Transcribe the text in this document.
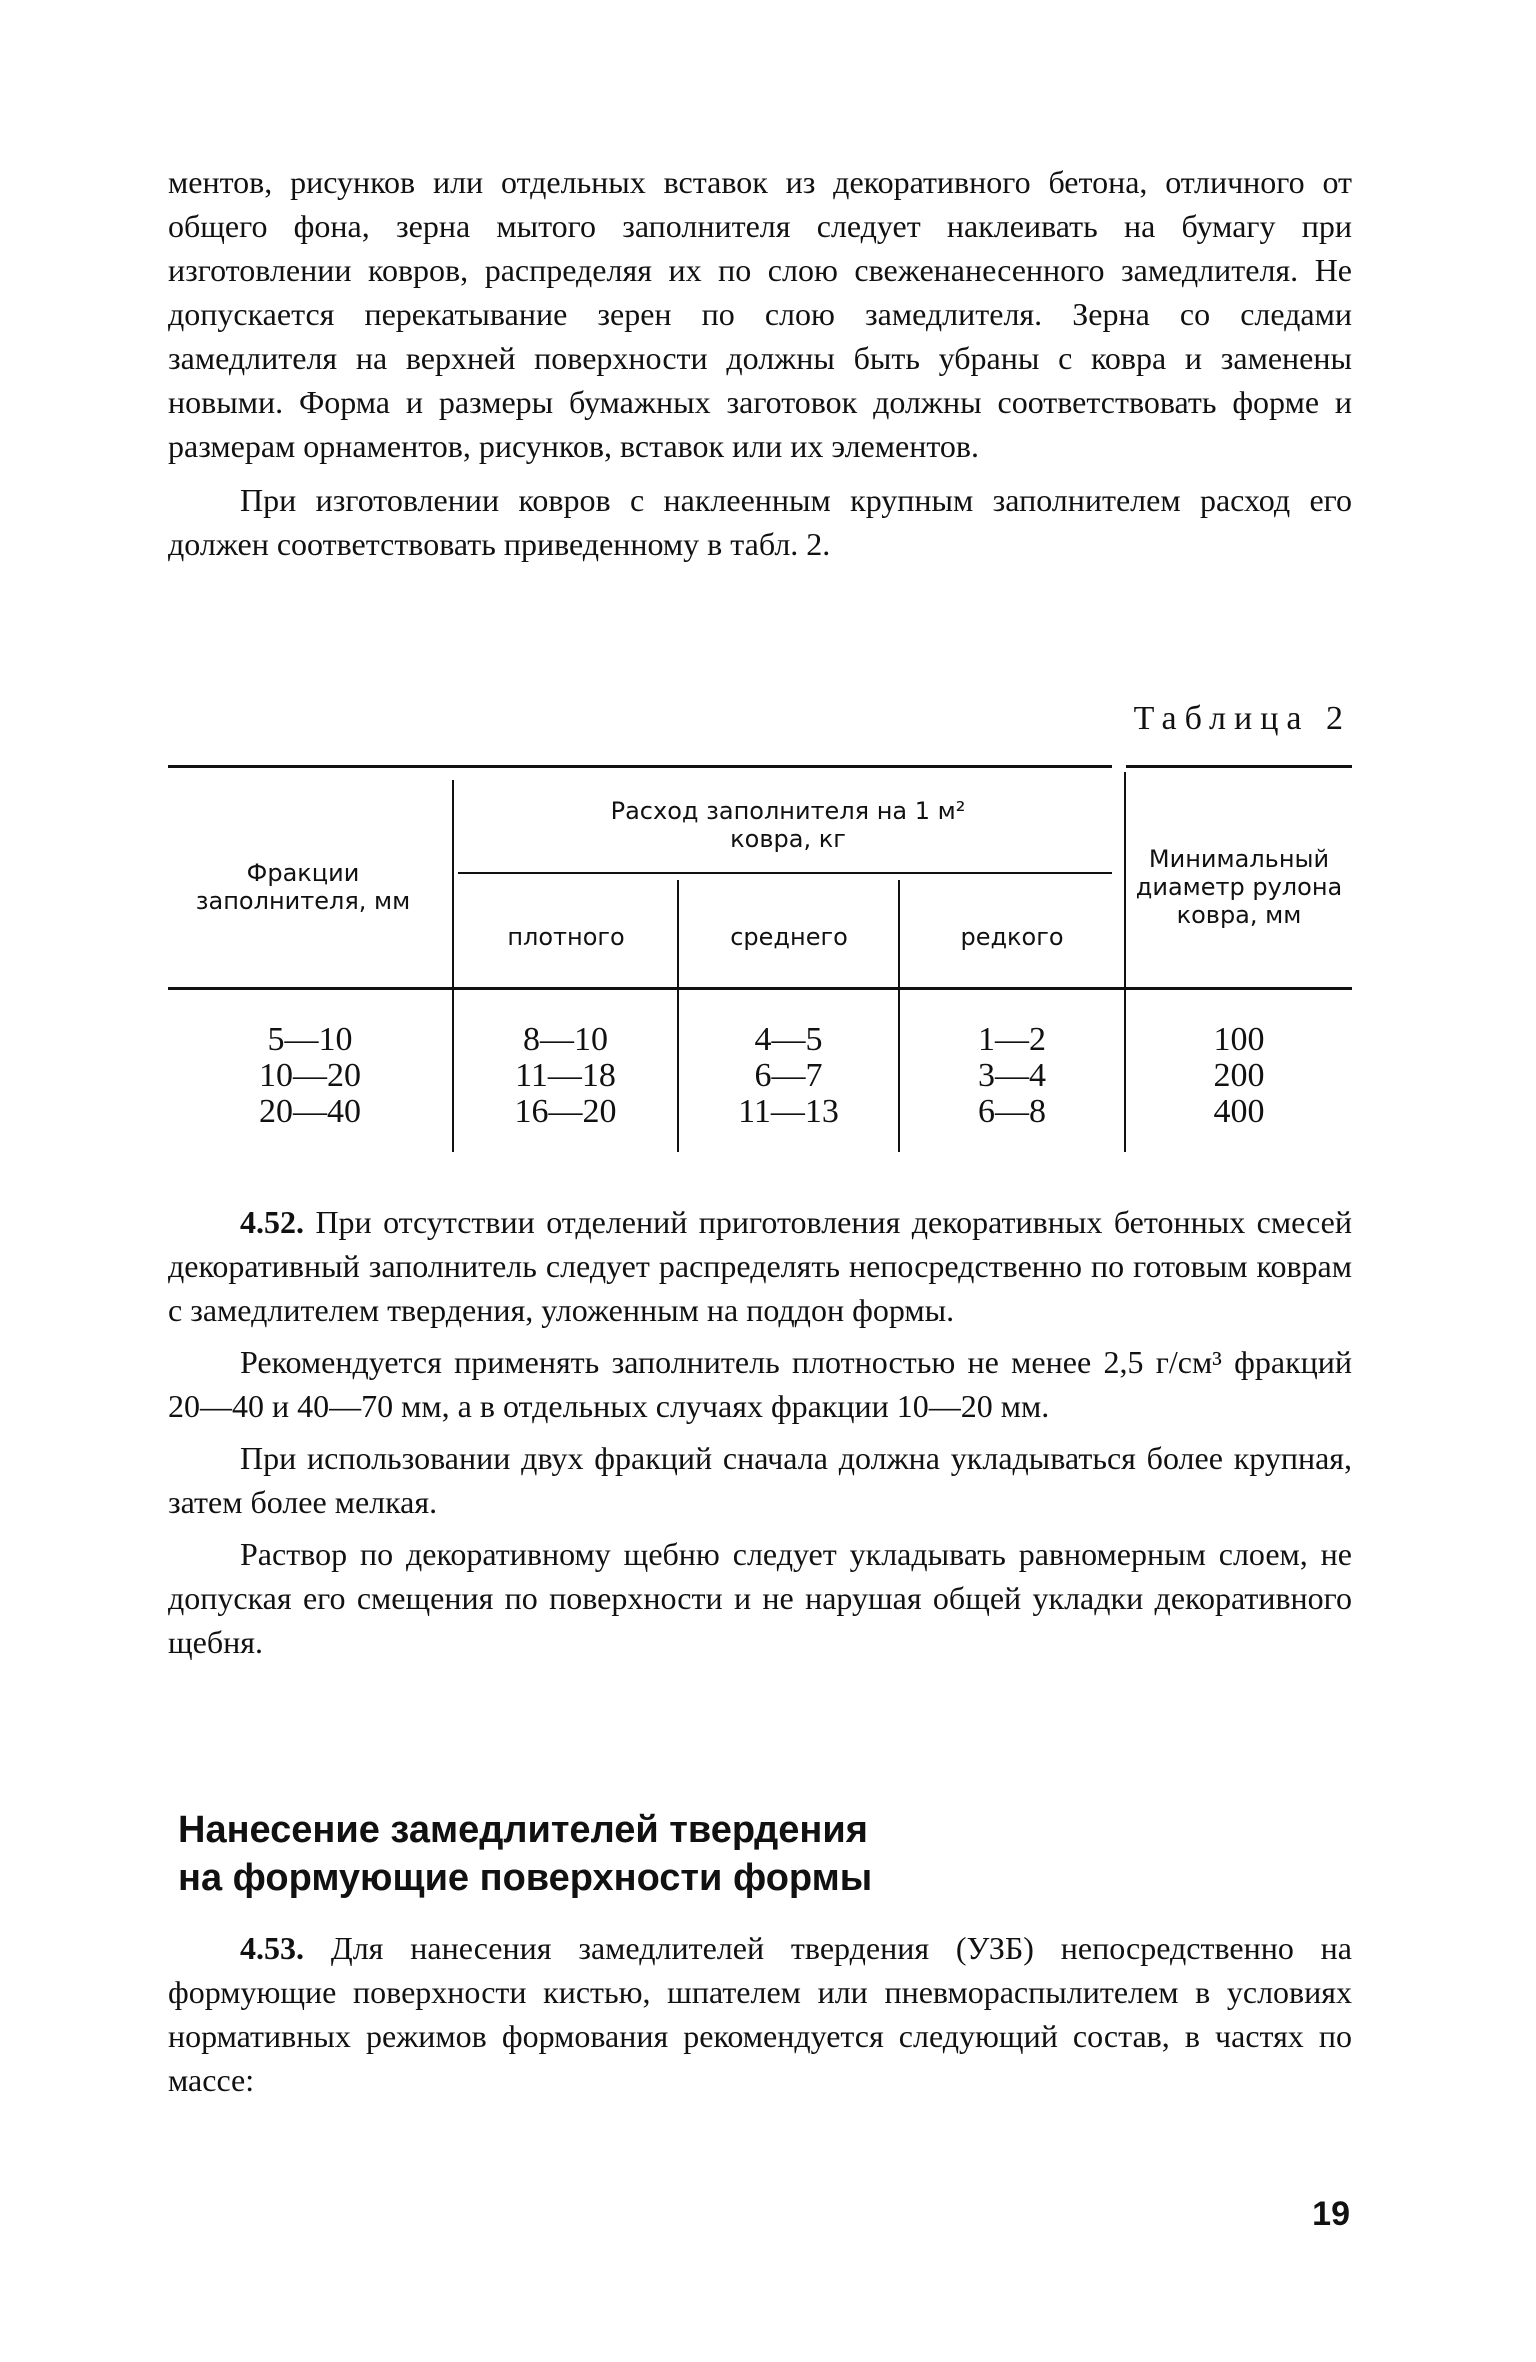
ментов, рисунков или отдельных вставок из декоративного бетона, отличного от общего фона, зерна мытого заполнителя следует наклеивать на бумагу при изготовлении ковров, распределяя их по слою свеженанесенного замедлителя. Не допускается перекатывание зерен по слою замедлителя. Зерна со следами замедлителя на верхней поверхности должны быть убраны с ковра и заменены новыми. Форма и размеры бумажных заготовок должны соответствовать форме и размерам орнаментов, рисунков, вставок или их элементов.

При изготовлении ковров с наклеенным крупным заполнителем расход его должен соответствовать приведенному в табл. 2.

Таблица 2
Фракции заполнителя, мм
Расход заполнителя на 1 м² ковра, кг
плотного	среднего	редкого
Минимальный диаметр рулона ковра, мм
5—10
10—20
20—40
8—10
11—18
16—20
4—5
6—7
11—13
1—2
3—4
6—8
100
200
400

4.52. При отсутствии отделений приготовления декоративных бетонных смесей декоративный заполнитель следует распределять непосредственно по готовым коврам с замедлителем твердения, уложенным на поддон формы.

Рекомендуется применять заполнитель плотностью не менее 2,5 г/см³ фракций 20—40 и 40—70 мм, а в отдельных случаях фракции 10—20 мм.

При использовании двух фракций сначала должна укладываться более крупная, затем более мелкая.

Раствор по декоративному щебню следует укладывать равномерным слоем, не допуская его смещения по поверхности и не нарушая общей укладки декоративного щебня.

Нанесение замедлителей твердения
на формующие поверхности формы

4.53. Для нанесения замедлителей твердения (УЗБ) непосредственно на формующие поверхности кистью, шпателем или пневмораспылителем в условиях нормативных режимов формования рекомендуется следующий состав, в частях по массе:

19
